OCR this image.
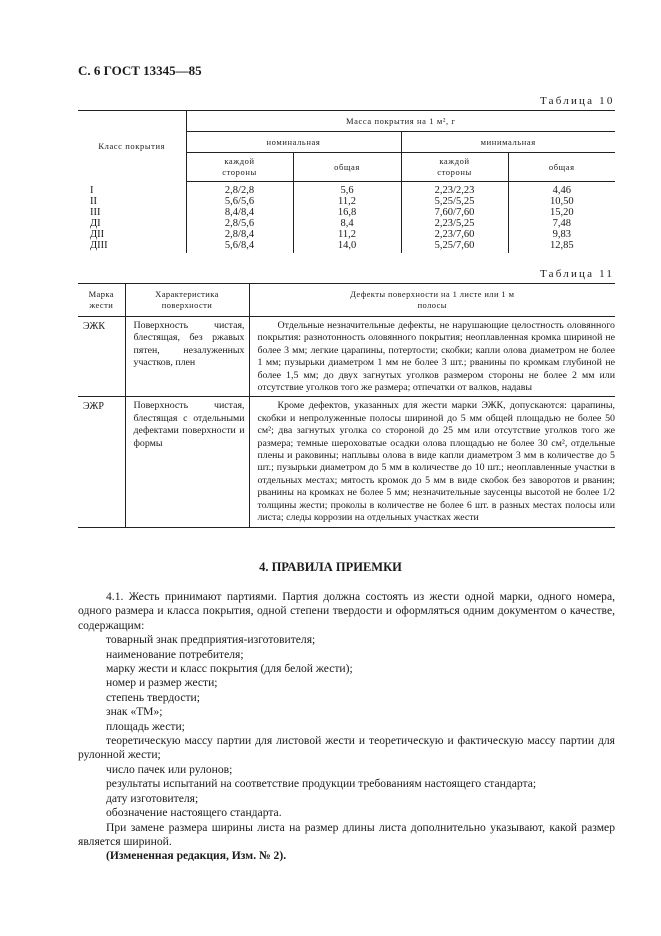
С. 6 ГОСТ 13345—85
Таблица 10
Класс покрытия	Масса покрытия на 1 м², г			
	номинальная		минимальная	

	каждой стороны	общая	каждой стороны	общая
I	2,8/2,8	5,6	2,23/2,23	4,46
II	5,6/5,6	11,2	5,25/5,25	10,50
III	8,4/8,4	16,8	7,60/7,60	15,20
ДI	2,8/5,6	8,4	2,23/5,25	7,48
ДII	2,8/8,4	11,2	2,23/7,60	9,83
ДIII	5,6/8,4	14,0	5,25/7,60	12,85
Таблица 11
Марка жести	Характеристика поверхности	Дефекты поверхности на 1 листе или 1 м полосы

ЭЖК	Поверхность чистая, блестящая, без ржавых пятен, незалуженных участков, плен	Отдельные незначительные дефекты, не нарушающие целостность оловянного покрытия: разнотонность оловянного покрытия; неоплавленная кромка шириной не более 3 мм; легкие царапины, потертости; скобки; капли олова диаметром не более 1 мм; пузырьки диаметром 1 мм не более 3 шт.; рванины по кромкам глубиной не более 1,5 мм; до двух загнутых уголков размером стороны не более 2 мм или отсутствие уголков того же размера; отпечатки от валков, надавы
ЭЖР	Поверхность чистая, блестящая с отдельными дефектами поверхности и формы	Кроме дефектов, указанных для жести марки ЭЖК, допускаются: царапины, скобки и непролуженные полосы шириной до 5 мм общей площадью не более 50 см²; два загнутых уголка со стороной до 25 мм или отсутствие уголков того же размера; темные шероховатые осадки олова площадью не более 30 см², отдельные плены и раковины; наплывы олова в виде капли диаметром 3 мм в количестве до 5 шт.; пузырьки диаметром до 5 мм в количестве до 10 шт.; неоплавленные участки в отдельных местах; мятость кромок до 5 мм в виде скобок без заворотов и рванин; рванины на кромках не более 5 мм; незначительные заусенцы высотой не более 1/2 толщины жести; проколы в количестве не более 6 шт. в разных местах полосы или листа; следы коррозии на отдельных участках жести
4. ПРАВИЛА ПРИЕМКИ

4.1. Жесть принимают партиями. Партия должна состоять из жести одной марки, одного номера, одного размера и класса покрытия, одной степени твердости и оформляться одним документом о качестве, содержащим:

товарный знак предприятия-изготовителя;

наименование потребителя;

марку жести и класс покрытия (для белой жести);

номер и размер жести;

степень твердости;

знак «ТМ»;

площадь жести;

теоретическую массу партии для листовой жести и теоретическую и фактическую массу партии для рулонной жести;

число пачек или рулонов;

результаты испытаний на соответствие продукции требованиям настоящего стандарта;

дату изготовителя;

обозначение настоящего стандарта.

При замене размера ширины листа на размер длины листа дополнительно указывают, какой размер является шириной.

(Измененная редакция, Изм. № 2).
